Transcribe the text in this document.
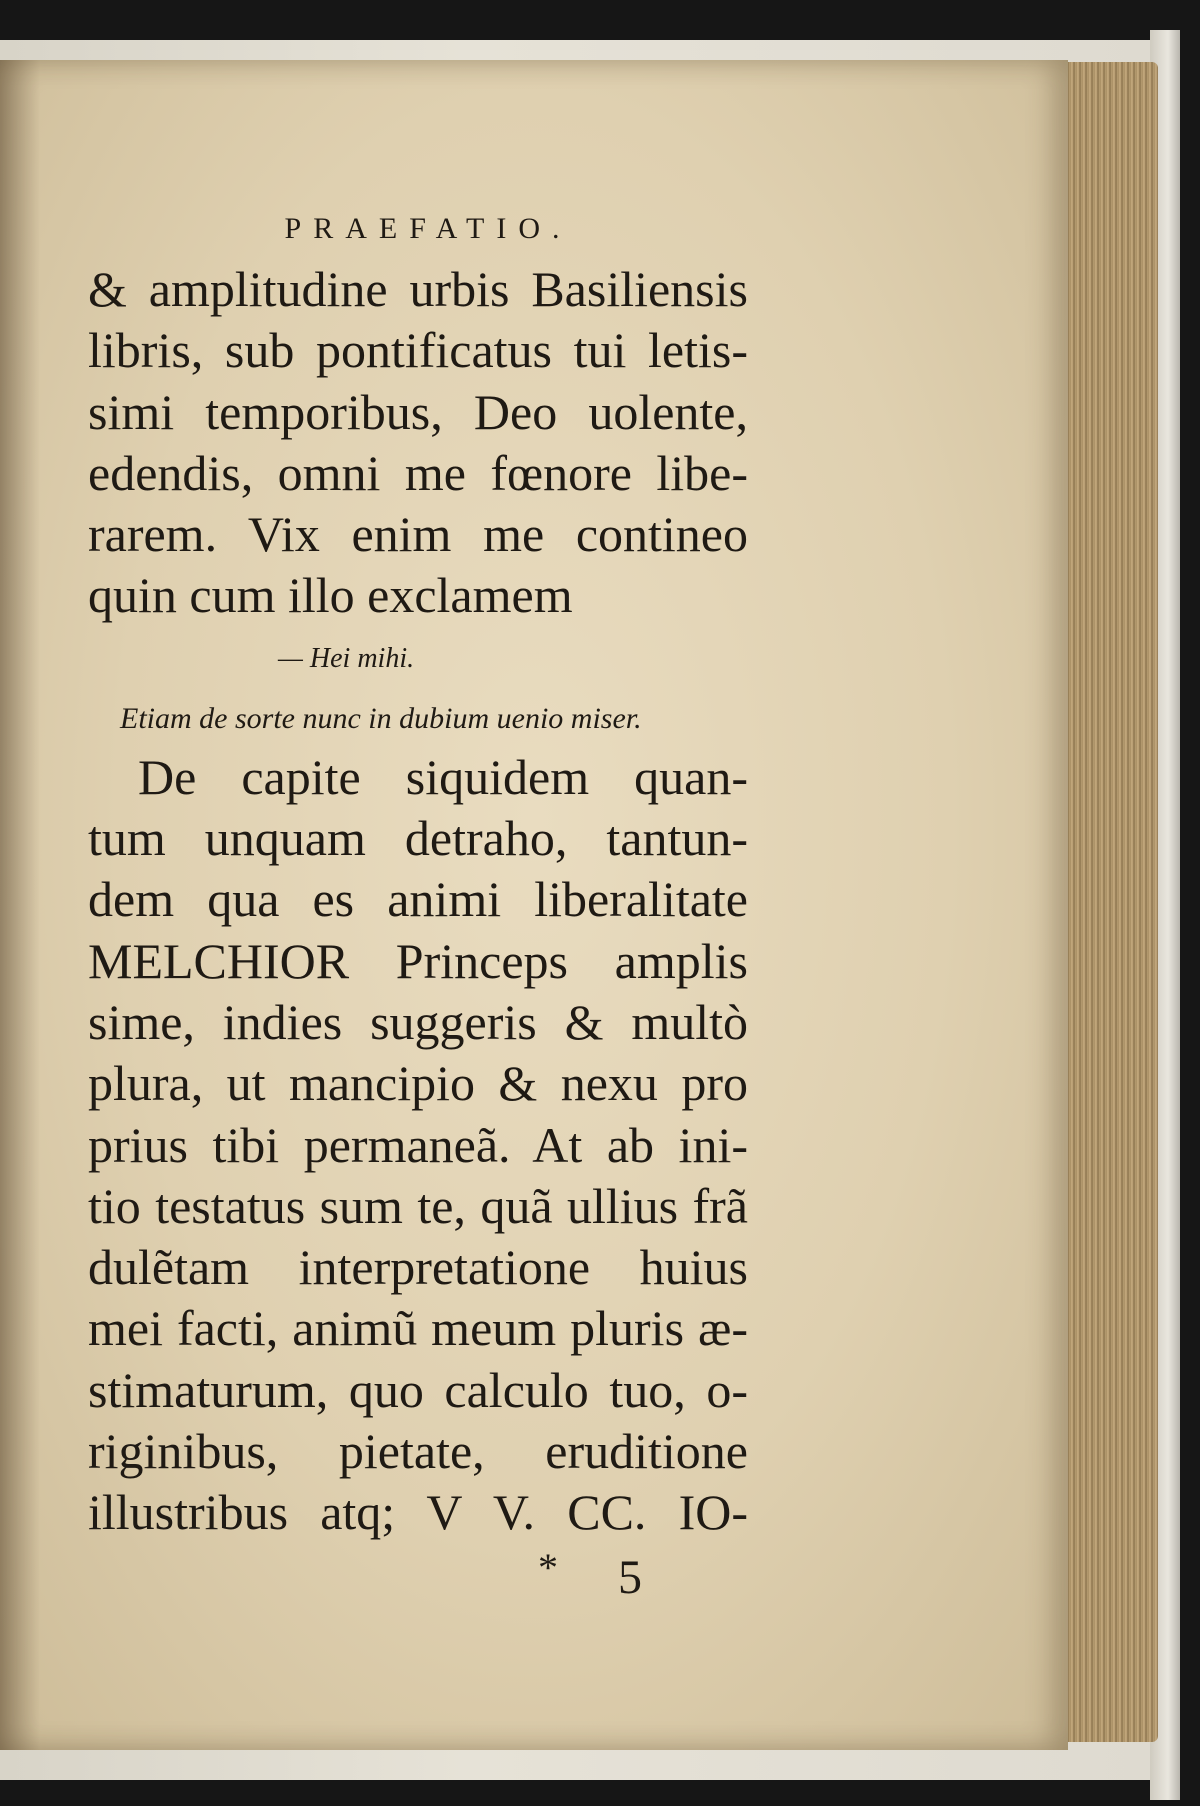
PRAEFATIO.
& amplitudine urbis Basiliensis
libris, sub pontificatus tui letis-
simi temporibus, Deo uolente,
edendis, omni me fœnore libe-
rarem. Vix enim me contineo
quin cum illo exclamem
— Hei mihi.
Etiam de sorte nunc in dubium uenio miser.
De capite siquidem quan-
tum unquam detraho, tantun-
dem qua es animi liberalitate
MELCHIOR Princeps amplis
sime, indies suggeris & multò
plura, ut mancipio & nexu pro
prius tibi permaneã. At ab ini-
tio testatus sum te, quã ullius frã
dulẽtam interpretatione huius
mei facti, animũ meum pluris æ-
stimaturum, quo calculo tuo, o-
riginibus, pietate, eruditione
illustribus atq; V V. CC. IO-
* 5
